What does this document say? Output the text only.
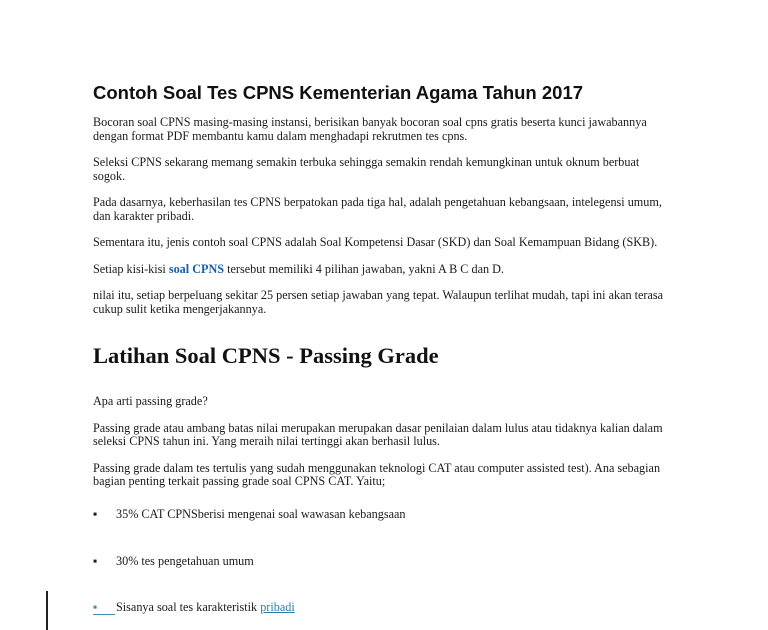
Contoh Soal Tes CPNS Kementerian Agama Tahun 2017

Bocoran soal CPNS masing-masing instansi, berisikan banyak bocoran soal cpns gratis beserta kunci jawabannya dengan format PDF membantu kamu dalam menghadapi rekrutmen tes cpns.

Seleksi CPNS sekarang memang semakin terbuka sehingga semakin rendah kemungkinan untuk oknum berbuat sogok.

Pada dasarnya, keberhasilan tes CPNS berpatokan pada tiga hal, adalah pengetahuan kebangsaan, intelegensi umum, dan karakter pribadi.

Sementara itu, jenis contoh soal CPNS adalah Soal Kompetensi Dasar (SKD) dan Soal Kemampuan Bidang (SKB).

Setiap kisi-kisi soal CPNS tersebut memiliki 4 pilihan jawaban, yakni A B C dan D.

nilai itu, setiap berpeluang sekitar 25 persen setiap jawaban yang tepat. Walaupun terlihat mudah, tapi ini akan terasa cukup sulit ketika mengerjakannya.

Latihan Soal CPNS - Passing Grade

Apa arti passing grade?

Passing grade atau ambang batas nilai merupakan merupakan dasar penilaian dalam lulus atau tidaknya kalian dalam seleksi CPNS tahun ini. Yang meraih nilai tertinggi akan berhasil lulus.

Passing grade dalam tes tertulis yang sudah menggunakan teknologi CAT atau computer assisted test). Ana sebagian bagian penting terkait passing grade soal CPNS CAT. Yaitu;

▪ 35% CAT CPNSberisi mengenai soal wawasan kebangsaan
▪ 30% tes pengetahuan umum
▪ Sisanya soal tes karakteristik pribadi
